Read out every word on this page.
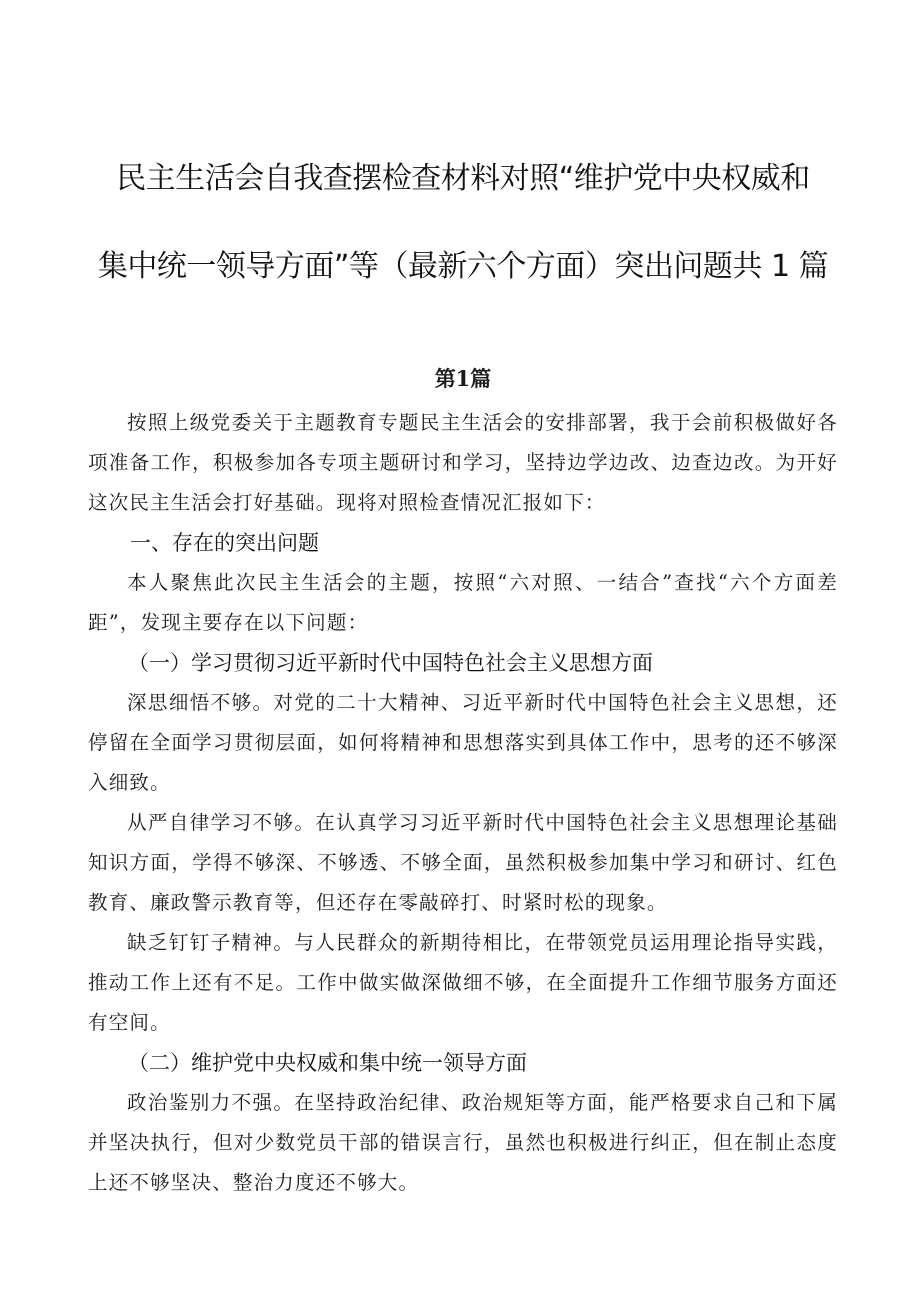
民主生活会自我查摆检查材料对照“维护党中央权威和
集中统一领导方面”等（最新六个方面）突出问题共 1 篇
第1篇

按照上级党委关于主题教育专题民主生活会的安排部署，我于会前积极做好各项准备工作，积极参加各专项主题研讨和学习，坚持边学边改、边查边改。为开好这次民主生活会打好基础。现将对照检查情况汇报如下：

一、存在的突出问题

本人聚焦此次民主生活会的主题，按照“六对照、一结合”查找“六个方面差距”，发现主要存在以下问题：

（一）学习贯彻习近平新时代中国特色社会主义思想方面

深思细悟不够。对党的二十大精神、习近平新时代中国特色社会主义思想，还停留在全面学习贯彻层面，如何将精神和思想落实到具体工作中，思考的还不够深入细致。

从严自律学习不够。在认真学习习近平新时代中国特色社会主义思想理论基础知识方面，学得不够深、不够透、不够全面，虽然积极参加集中学习和研讨、红色教育、廉政警示教育等，但还存在零敲碎打、时紧时松的现象。

缺乏钉钉子精神。与人民群众的新期待相比，在带领党员运用理论指导实践，推动工作上还有不足。工作中做实做深做细不够，在全面提升工作细节服务方面还有空间。

（二）维护党中央权威和集中统一领导方面

政治鉴别力不强。在坚持政治纪律、政治规矩等方面，能严格要求自己和下属并坚决执行，但对少数党员干部的错误言行，虽然也积极进行纠正，但在制止态度上还不够坚决、整治力度还不够大。
